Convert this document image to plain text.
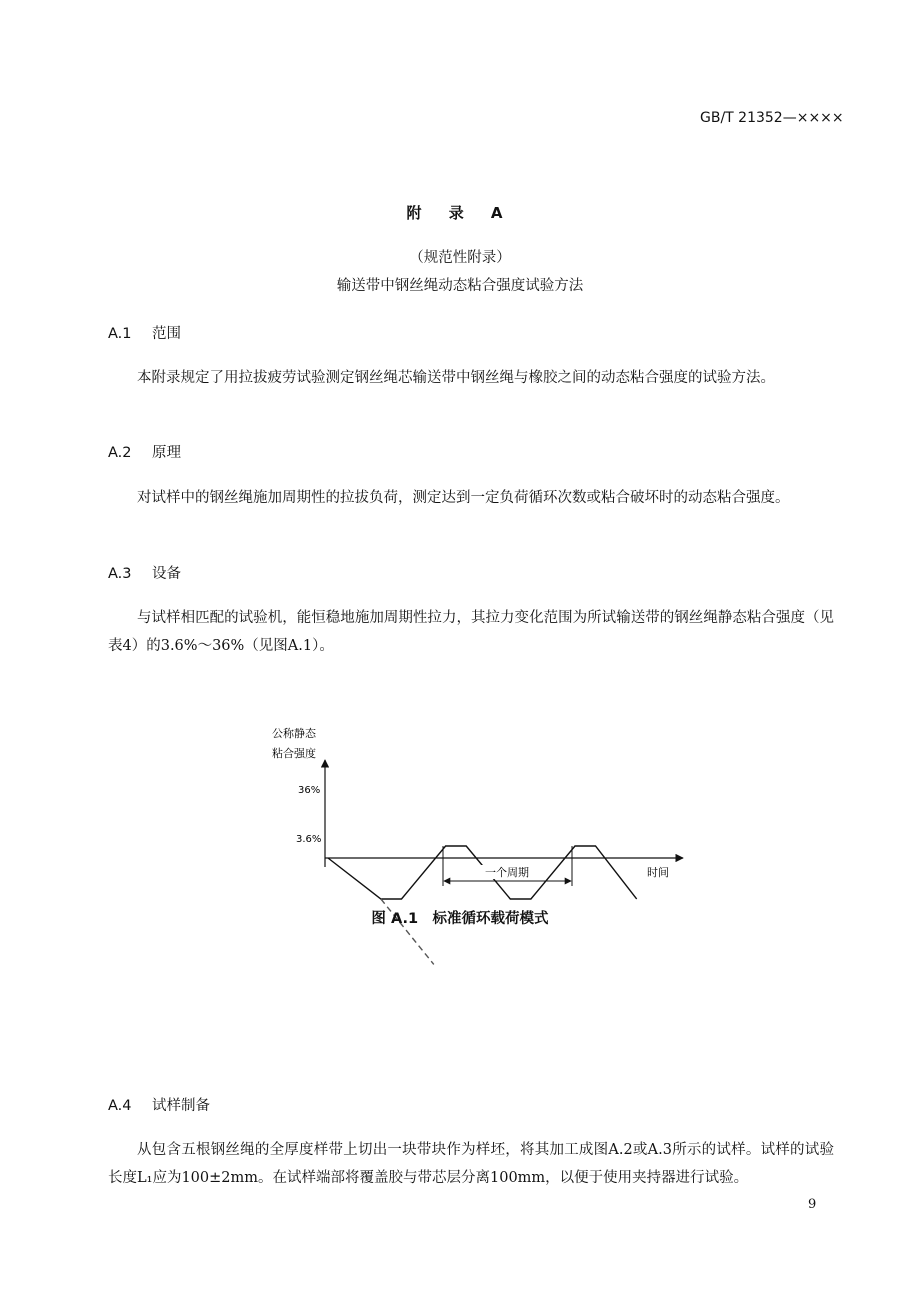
GB/T 21352—××××
附 录 A
（规范性附录）
输送带中钢丝绳动态粘合强度试验方法
A.1 范围
本附录规定了用拉拔疲劳试验测定钢丝绳芯输送带中钢丝绳与橡胶之间的动态粘合强度的试验方法。
A.2 原理
对试样中的钢丝绳施加周期性的拉拔负荷，测定达到一定负荷循环次数或粘合破坏时的动态粘合强度。
A.3 设备
与试样相匹配的试验机，能恒稳地施加周期性拉力，其拉力变化范围为所试输送带的钢丝绳静态粘合强度（见表4）的3.6%～36%（见图A.1）。
公称静态
粘合强度
36%
3.6%
时间
一个周期
图 A.1　标准循环载荷模式
A.4 试样制备
从包含五根钢丝绳的全厚度样带上切出一块带块作为样坯，将其加工成图A.2或A.3所示的试样。试样的试验长度L₁应为100±2mm。在试样端部将覆盖胶与带芯层分离100mm，以便于使用夹持器进行试验。
9
